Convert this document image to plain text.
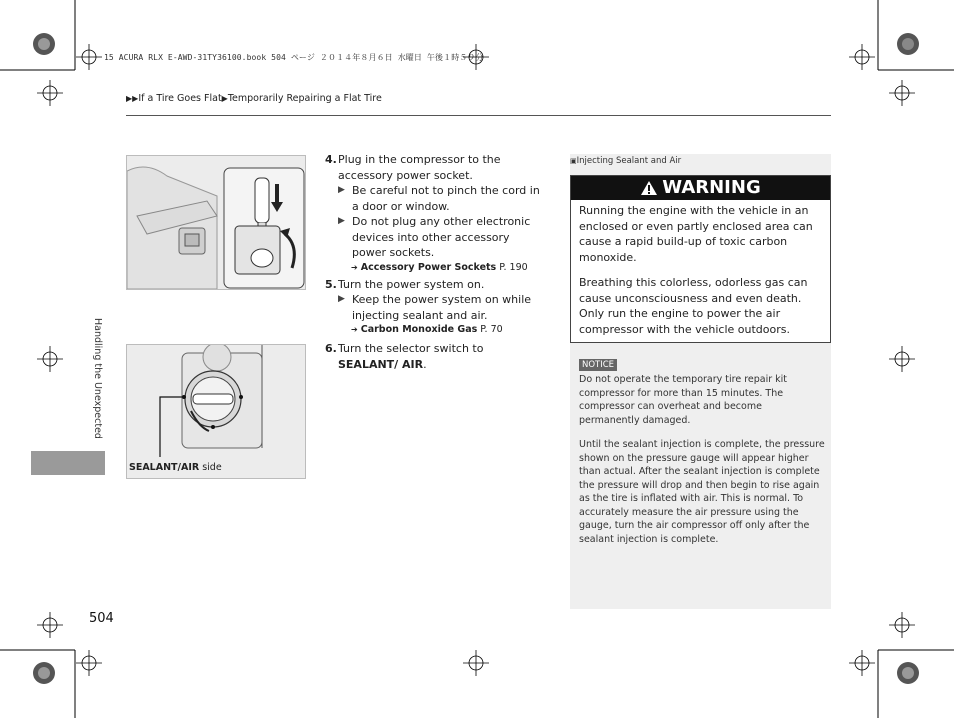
15 ACURA RLX E-AWD-31TY36100.book 504 ページ ２０１４年８月６日 水曜日 午後１時５９分
▶▶If a Tire Goes Flat▶Temporarily Repairing a Flat Tire
Handling the Unexpected
504
SEALANT/AIR side
4. Plug in the compressor to the accessory power socket.
▶ Be careful not to pinch the cord in a door or window.
▶ Do not plug any other electronic devices into other accessory power sockets.

➔ Accessory Power Sockets P. 190

5. Turn the power system on.
▶ Keep the power system on while injecting sealant and air.

➔ Carbon Monoxide Gas P. 70

6. Turn the selector switch to SEALANT/ AIR.
▣Injecting Sealant and Air
WARNING

Running the engine with the vehicle in an enclosed or even partly enclosed area can cause a rapid build-up of toxic carbon monoxide.

Breathing this colorless, odorless gas can cause unconsciousness and even death. Only run the engine to power the air compressor with the vehicle outdoors.

NOTICE

Do not operate the temporary tire repair kit compressor for more than 15 minutes. The compressor can overheat and become permanently damaged.

Until the sealant injection is complete, the pressure shown on the pressure gauge will appear higher than actual. After the sealant injection is complete the pressure will drop and then begin to rise again as the tire is inflated with air. This is normal. To accurately measure the air pressure using the gauge, turn the air compressor off only after the sealant injection is complete.
